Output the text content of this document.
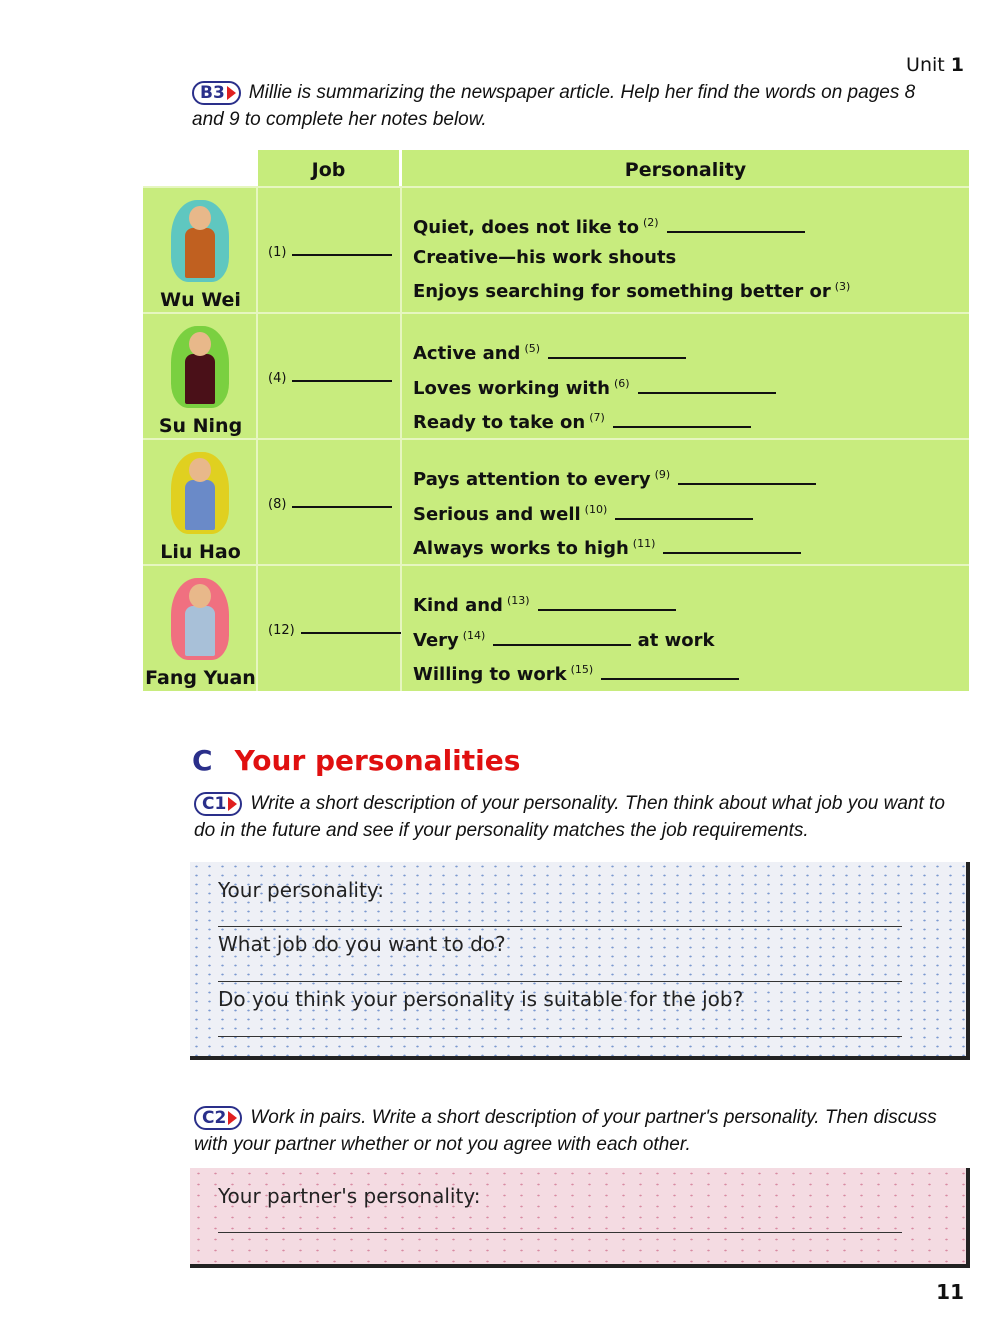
Unit 1
B3 Millie is summarizing the newspaper article. Help her find the words on pages 8 and 9 to complete her notes below.
Job	Personality
Wu Wei
(1)
Quiet, does not like to $^{(2)}$
Creative—his work shouts
Enjoys searching for something better or $^{(3)}$
Su Ning
(4)
Active and $^{(5)}$
Loves working with $^{(6)}$
Ready to take on $^{(7)}$
Liu Hao
(8)
Pays attention to every $^{(9)}$
Serious and well $^{(10)}$
Always works to high $^{(11)}$
Fang Yuan
(12)
Kind and $^{(13)}$
Very $^{(14)}$	at work
Willing to work $^{(15)}$
C Your personalities
C1 Write a short description of your personality. Then think about what job you want to do in the future and see if your personality matches the job requirements.
Your personality:
What job do you want to do?
Do you think your personality is suitable for the job?
C2 Work in pairs. Write a short description of your partner's personality. Then discuss with your partner whether or not you agree with each other.
Your partner's personality:
11
